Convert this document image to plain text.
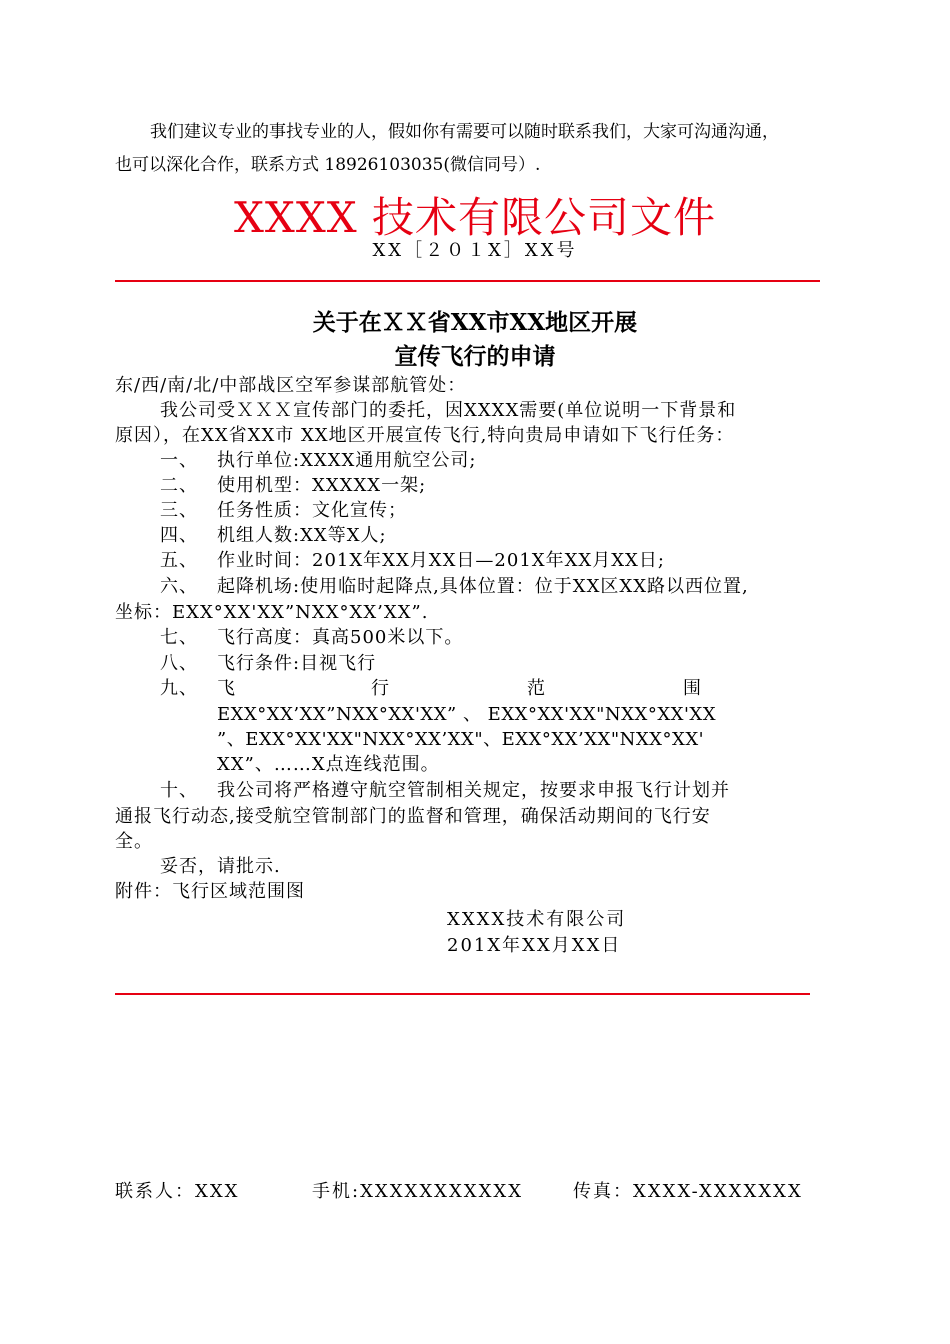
我们建议专业的事找专业的人，假如你有需要可以随时联系我们，大家可沟通沟通，
也可以深化合作，联系方式 18926103035(微信同号）.
XXXX 技术有限公司文件
XX［２０１X］XX号
关于在ＸＸ省XX市XX地区开展
宣传飞行的申请
东/西/南/北/中部战区空军参谋部航管处：
我公司受ＸＸＸ宣传部门的委托，因XXXX需要(单位说明一下背景和
原因），在XX省XX市 XX地区开展宣传飞行,特向贵局申请如下飞行任务：
一、 执行单位:XXXX通用航空公司;
二、 使用机型：XXXXX一架;
三、 任务性质：文化宣传；
四、 机组人数:XX等X人;
五、 作业时间：201X年XX月XX日—201X年XX月XX日;
六、 起降机场:使用临时起降点,具体位置：位于XX区XX路以西位置,
坐标：EXX°XX'XX”NXX°XX’XX”.
七、 飞行高度：真高500米以下。
八、 飞行条件:目视飞行
九、 飞	行	范	围
EXX°XX’XX”NXX°XX'XX” 、 EXX°XX'XX"NXX°XX'XX
”、EXX°XX'XX"NXX°XX’XX"、EXX°XX’XX"NXX°XX'
XX”、……X点连线范围。
十、 我公司将严格遵守航空管制相关规定，按要求申报飞行计划并
通报飞行动态,接受航空管制部门的监督和管理，确保活动期间的飞行安
全。
妥否，请批示.
附件：飞行区域范围图
XXXX技术有限公司
201X年XX月XX日
联系人：XXX	手机:XXXXXXXXXXX	传真：XXXX-XXXXXXX
